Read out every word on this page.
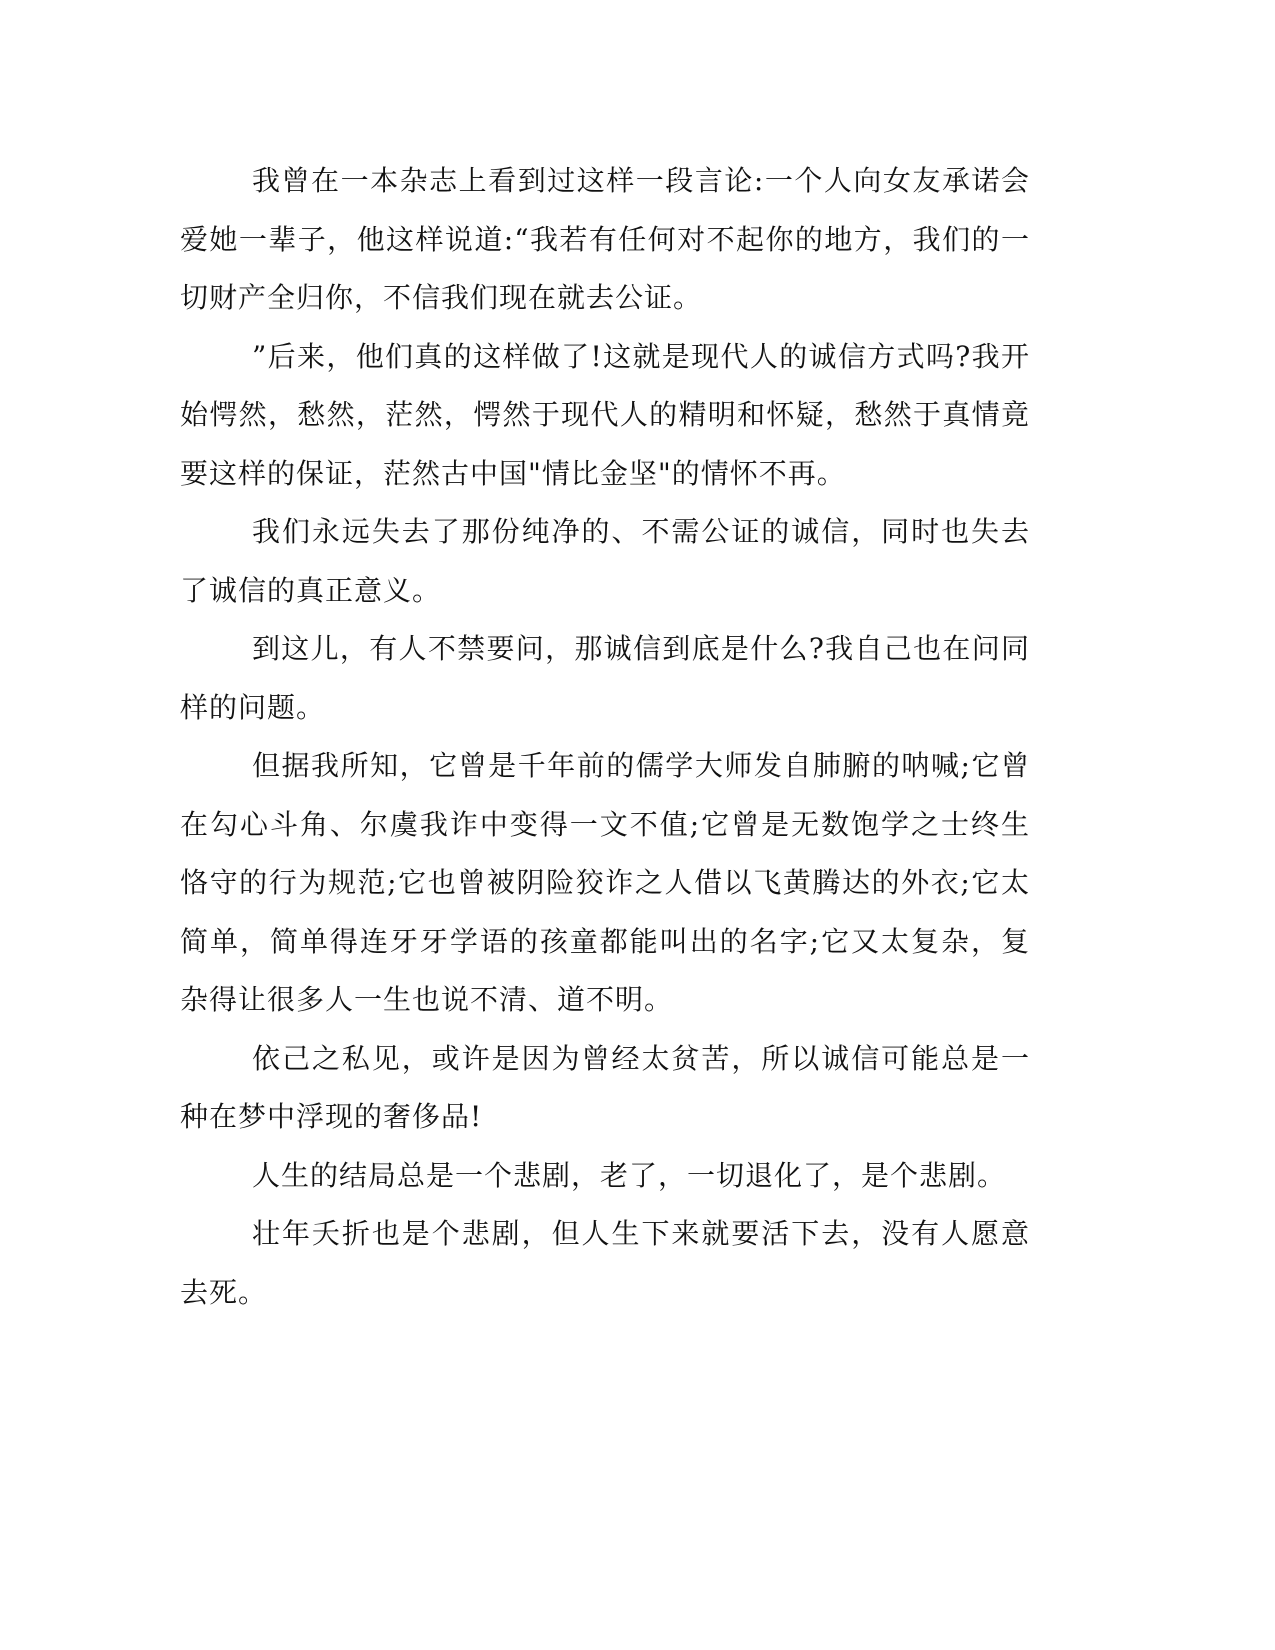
我曾在一本杂志上看到过这样一段言论:一个人向女友承诺会爱她一辈子，他这样说道:“我若有任何对不起你的地方，我们的一切财产全归你，不信我们现在就去公证。

”后来，他们真的这样做了!这就是现代人的诚信方式吗?我开始愕然，愁然，茫然，愕然于现代人的精明和怀疑，愁然于真情竟要这样的保证，茫然古中国"情比金坚"的情怀不再。

我们永远失去了那份纯净的、不需公证的诚信，同时也失去了诚信的真正意义。

到这儿，有人不禁要问，那诚信到底是什么?我自己也在问同样的问题。

但据我所知，它曾是千年前的儒学大师发自肺腑的呐喊;它曾在勾心斗角、尔虞我诈中变得一文不值;它曾是无数饱学之士终生恪守的行为规范;它也曾被阴险狡诈之人借以飞黄腾达的外衣;它太简单，简单得连牙牙学语的孩童都能叫出的名字;它又太复杂，复杂得让很多人一生也说不清、道不明。

依己之私见，或许是因为曾经太贫苦，所以诚信可能总是一种在梦中浮现的奢侈品!

人生的结局总是一个悲剧，老了，一切退化了，是个悲剧。

壮年夭折也是个悲剧，但人生下来就要活下去，没有人愿意去死。
